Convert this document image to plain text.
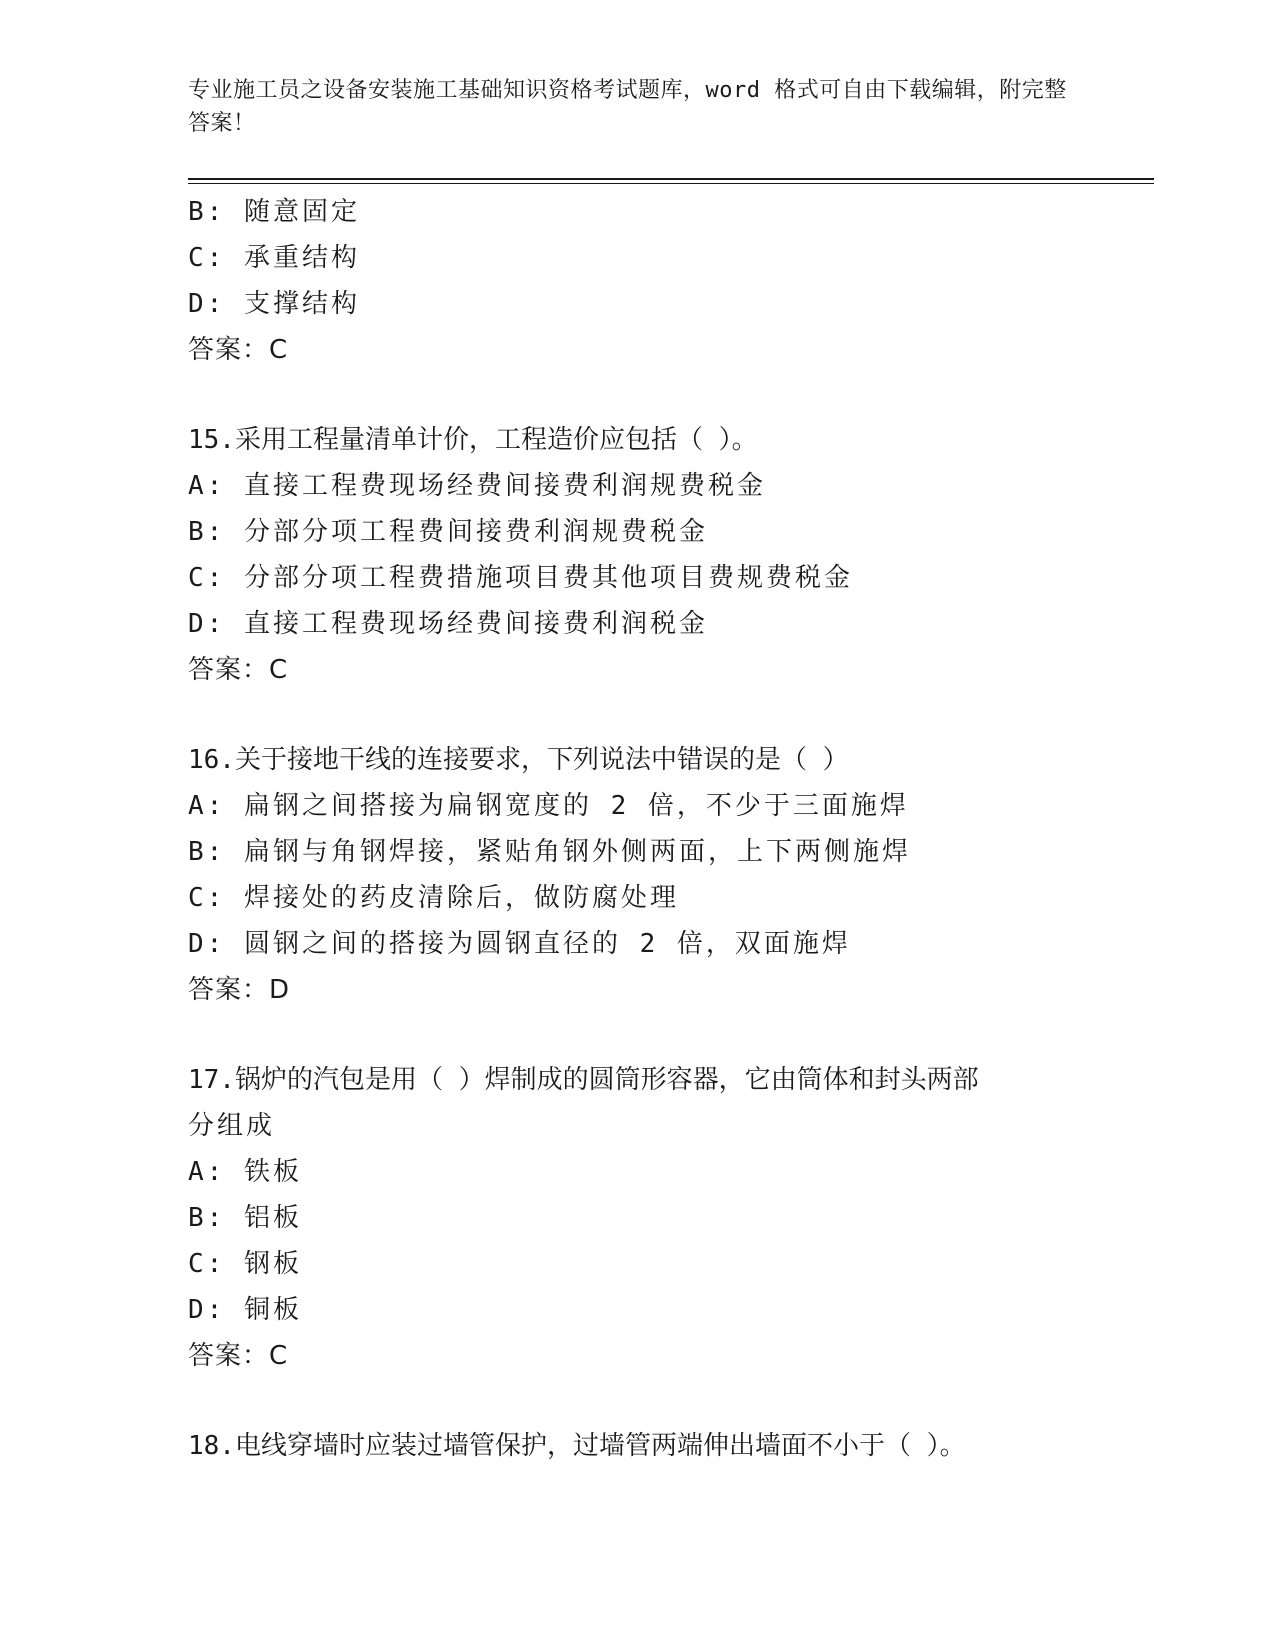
专业施工员之设备安装施工基础知识资格考试题库，word 格式可自由下载编辑，附完整答案！
B: 随意固定
C: 承重结构
D: 支撑结构
答案：C
15.采用工程量清单计价，工程造价应包括（ ）。
A: 直接工程费现场经费间接费利润规费税金
B: 分部分项工程费间接费利润规费税金
C: 分部分项工程费措施项目费其他项目费规费税金
D: 直接工程费现场经费间接费利润税金
答案：C
16.关于接地干线的连接要求，下列说法中错误的是（ ）
A: 扁钢之间搭接为扁钢宽度的 2 倍，不少于三面施焊
B: 扁钢与角钢焊接，紧贴角钢外侧两面，上下两侧施焊
C: 焊接处的药皮清除后，做防腐处理
D: 圆钢之间的搭接为圆钢直径的 2 倍，双面施焊
答案：D
17.锅炉的汽包是用（ ）焊制成的圆筒形容器，它由筒体和封头两部
分组成
A: 铁板
B: 铝板
C: 钢板
D: 铜板
答案：C
18.电线穿墙时应装过墙管保护，过墙管两端伸出墙面不小于（ ）。
